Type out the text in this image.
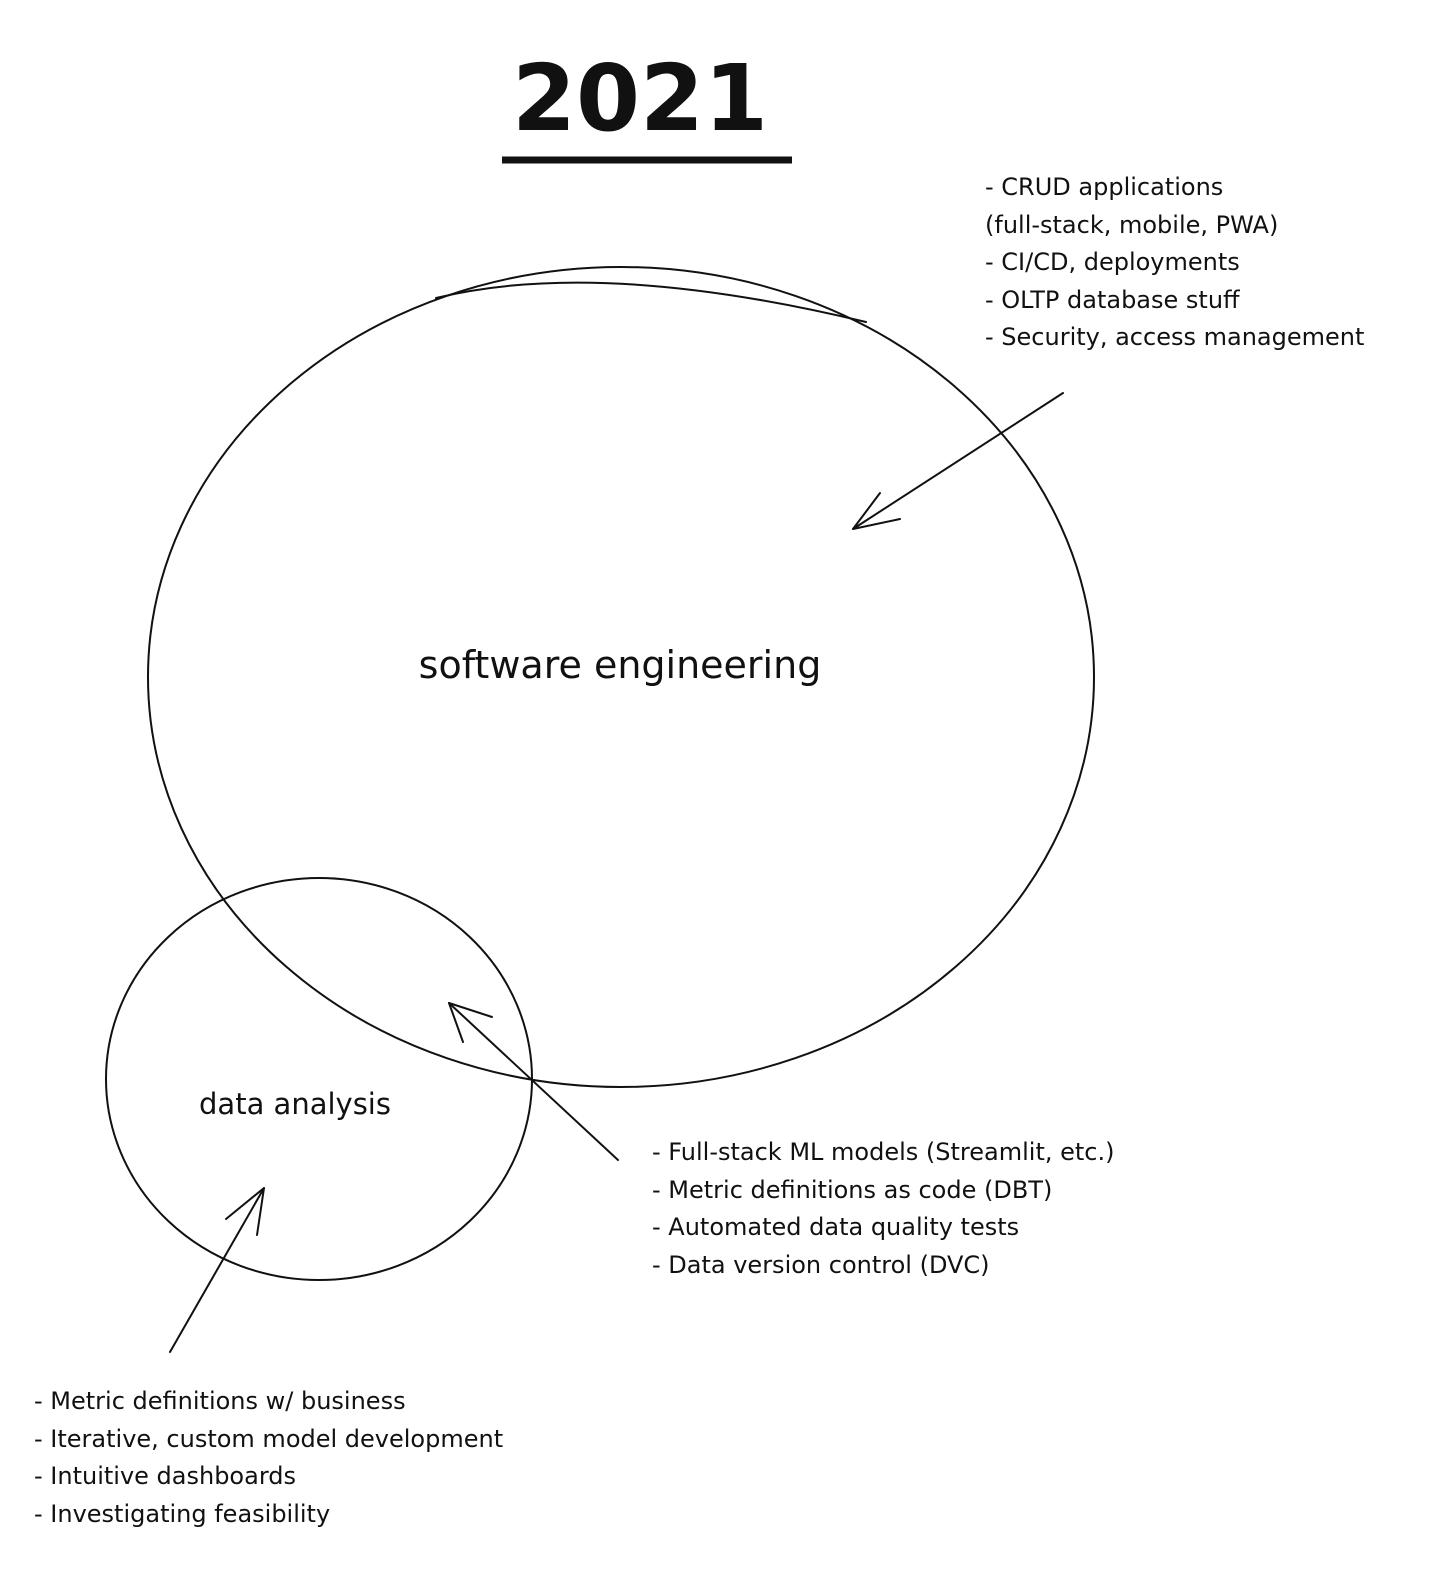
2021
software engineering
data analysis
- CRUD applications
(full-stack, mobile, PWA)
- CI/CD, deployments
- OLTP database stuff
- Security, access management
- Full-stack ML models (Streamlit, etc.)
- Metric definitions as code (DBT)
- Automated data quality tests
- Data version control (DVC)
- Metric definitions w/ business
- Iterative, custom model development
- Intuitive dashboards
- Investigating feasibility
